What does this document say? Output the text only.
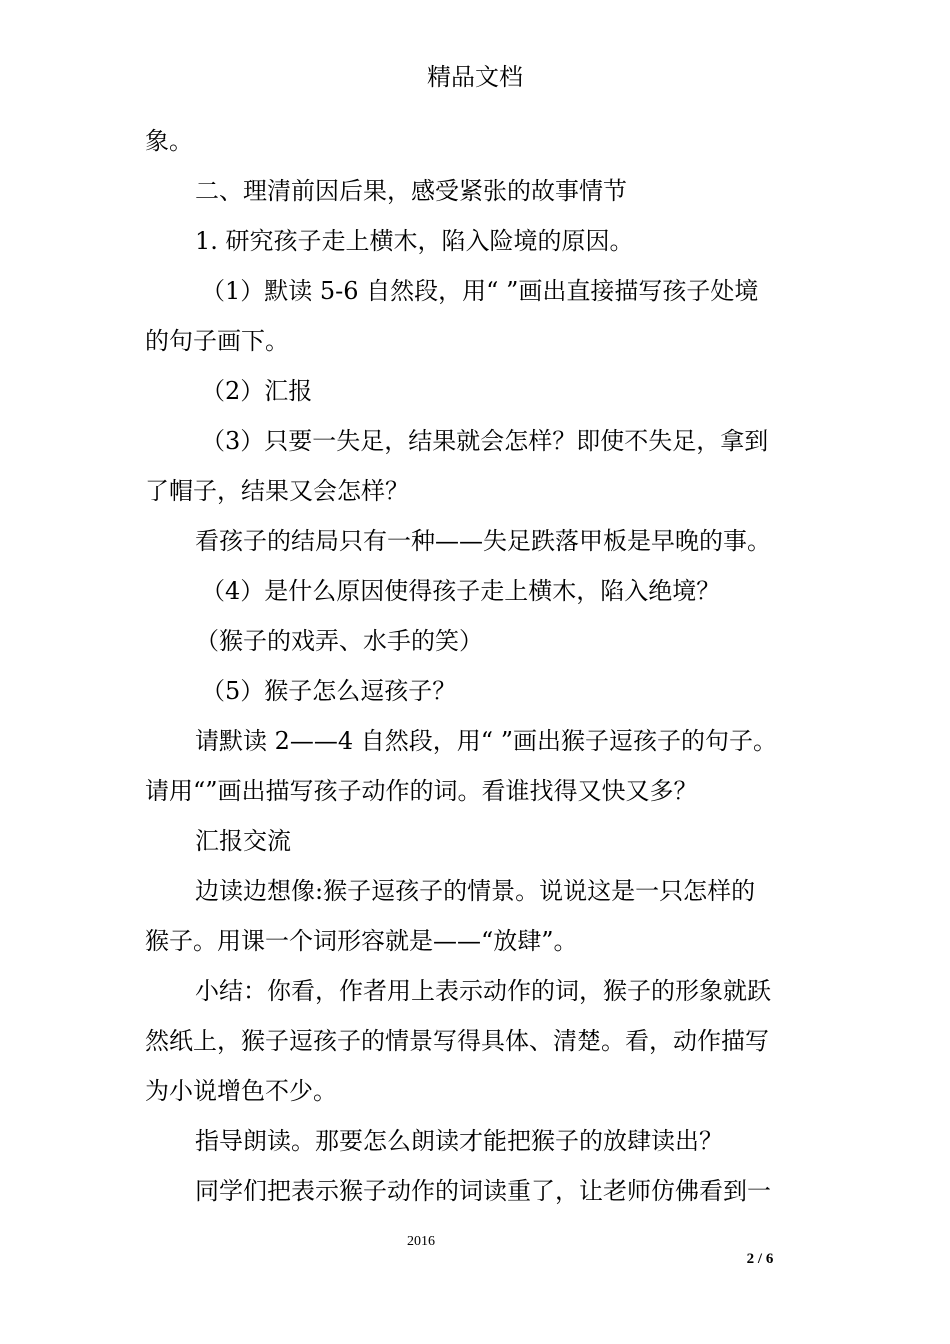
精品文档

象。

二、理清前因后果，感受紧张的故事情节

1. 研究孩子走上横木，陷入险境的原因。

（1）默读 5-6 自然段，用“ ”画出直接描写孩子处境

的句子画下。

（2）汇报

（3）只要一失足，结果就会怎样？即使不失足，拿到

了帽子，结果又会怎样？

看孩子的结局只有一种——失足跌落甲板是早晚的事。

（4）是什么原因使得孩子走上横木，陷入绝境？

（猴子的戏弄、水手的笑）

（5）猴子怎么逗孩子？

请默读 2——4 自然段，用“ ”画出猴子逗孩子的句子。

请用“”画出描写孩子动作的词。看谁找得又快又多？

汇报交流

边读边想像:猴子逗孩子的情景。说说这是一只怎样的

猴子。用课一个词形容就是——“放肆”。

小结：你看，作者用上表示动作的词，猴子的形象就跃

然纸上，猴子逗孩子的情景写得具体、清楚。看，动作描写

为小说增色不少。

指导朗读。那要怎么朗读才能把猴子的放肆读出？

同学们把表示猴子动作的词读重了，让老师仿佛看到一

2016
2 / 6
